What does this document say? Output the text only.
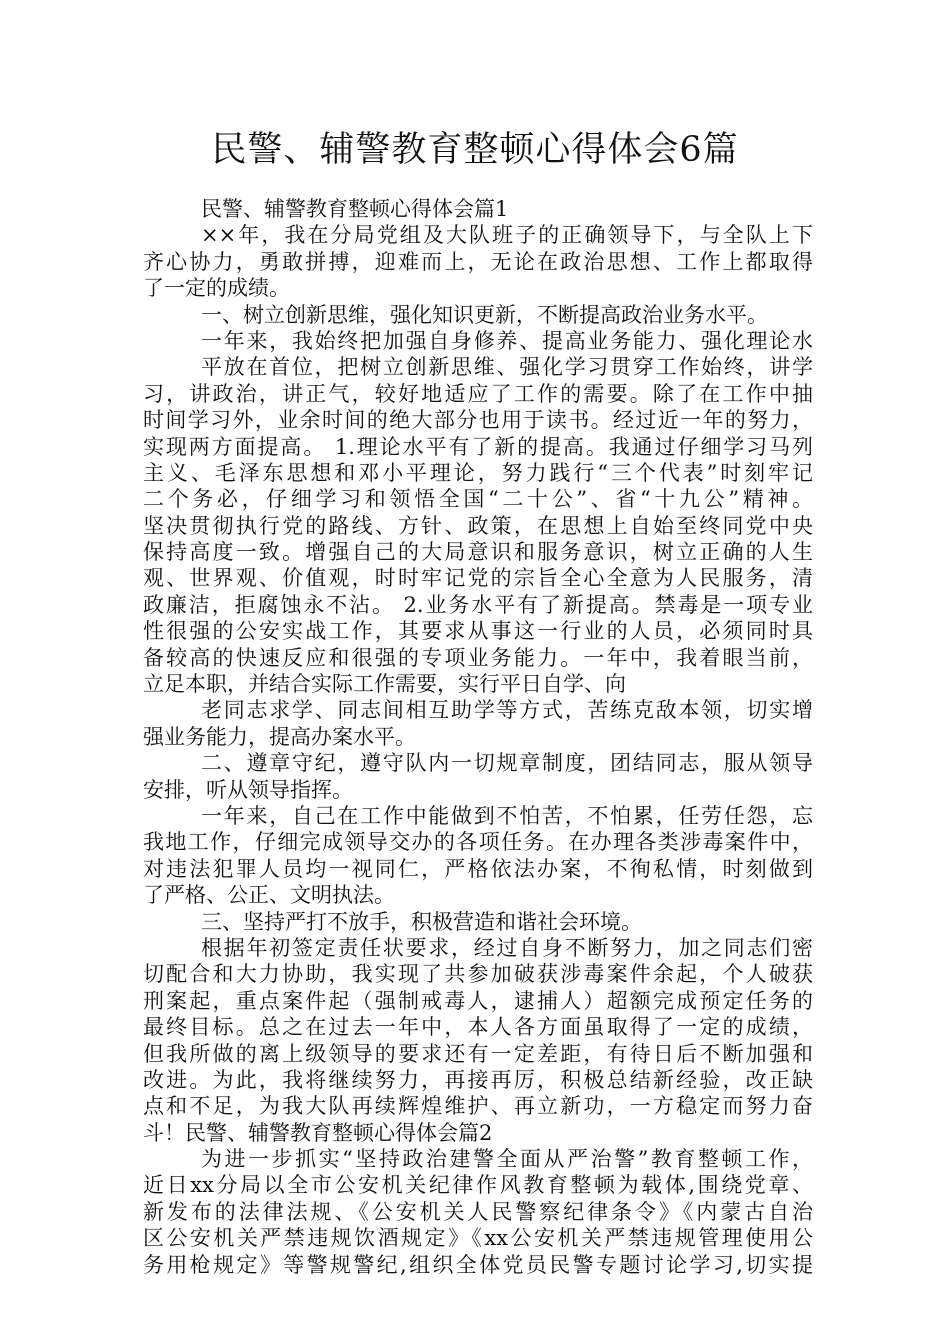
民警、辅警教育整顿心得体会6篇
民警、辅警教育整顿心得体会篇1
××年，我在分局党组及大队班子的正确领导下，与全队上下
齐心协力，勇敢拼搏，迎难而上，无论在政治思想、工作上都取得
了一定的成绩。
一、树立创新思维，强化知识更新，不断提高政治业务水平。
一年来，我始终把加强自身修养、提高业务能力、强化理论水
平放在首位，把树立创新思维、强化学习贯穿工作始终，讲学
习，讲政治，讲正气，较好地适应了工作的需要。除了在工作中抽
时间学习外，业余时间的绝大部分也用于读书。经过近一年的努力，
实现两方面提高。 1.理论水平有了新的提高。我通过仔细学习马列
主义、毛泽东思想和邓小平理论，努力践行“三个代表”时刻牢记
二个务必，仔细学习和领悟全国“二十公”、省“十九公”精神。
坚决贯彻执行党的路线、方针、政策，在思想上自始至终同党中央
保持高度一致。增强自己的大局意识和服务意识，树立正确的人生
观、世界观、价值观，时时牢记党的宗旨全心全意为人民服务，清
政廉洁，拒腐蚀永不沾。 2.业务水平有了新提高。禁毒是一项专业
性很强的公安实战工作，其要求从事这一行业的人员，必须同时具
备较高的快速反应和很强的专项业务能力。一年中，我着眼当前，
立足本职，并结合实际工作需要，实行平日自学、向
老同志求学、同志间相互助学等方式，苦练克敌本领，切实增
强业务能力，提高办案水平。
二、遵章守纪，遵守队内一切规章制度，团结同志，服从领导
安排，听从领导指挥。
一年来，自己在工作中能做到不怕苦，不怕累，任劳任怨，忘
我地工作，仔细完成领导交办的各项任务。在办理各类涉毒案件中，
对违法犯罪人员均一视同仁，严格依法办案，不徇私情，时刻做到
了严格、公正、文明执法。
三、坚持严打不放手，积极营造和谐社会环境。
根据年初签定责任状要求，经过自身不断努力，加之同志们密
切配合和大力协助，我实现了共参加破获涉毒案件余起，个人破获
刑案起，重点案件起（强制戒毒人，逮捕人）超额完成预定任务的
最终目标。总之在过去一年中，本人各方面虽取得了一定的成绩，
但我所做的离上级领导的要求还有一定差距，有待日后不断加强和
改进。为此，我将继续努力，再接再厉，积极总结新经验，改正缺
点和不足，为我大队再续辉煌维护、再立新功，一方稳定而努力奋
斗！民警、辅警教育整顿心得体会篇2
为进一步抓实“坚持政治建警全面从严治警”教育整顿工作，
近日xx分局以全市公安机关纪律作风教育整顿为载体,围绕党章、
新发布的法律法规、《公安机关人民警察纪律条令》《内蒙古自治
区公安机关严禁违规饮酒规定》《xx公安机关严禁违规管理使用公
务用枪规定》等警规警纪,组织全体党员民警专题讨论学习,切实提
